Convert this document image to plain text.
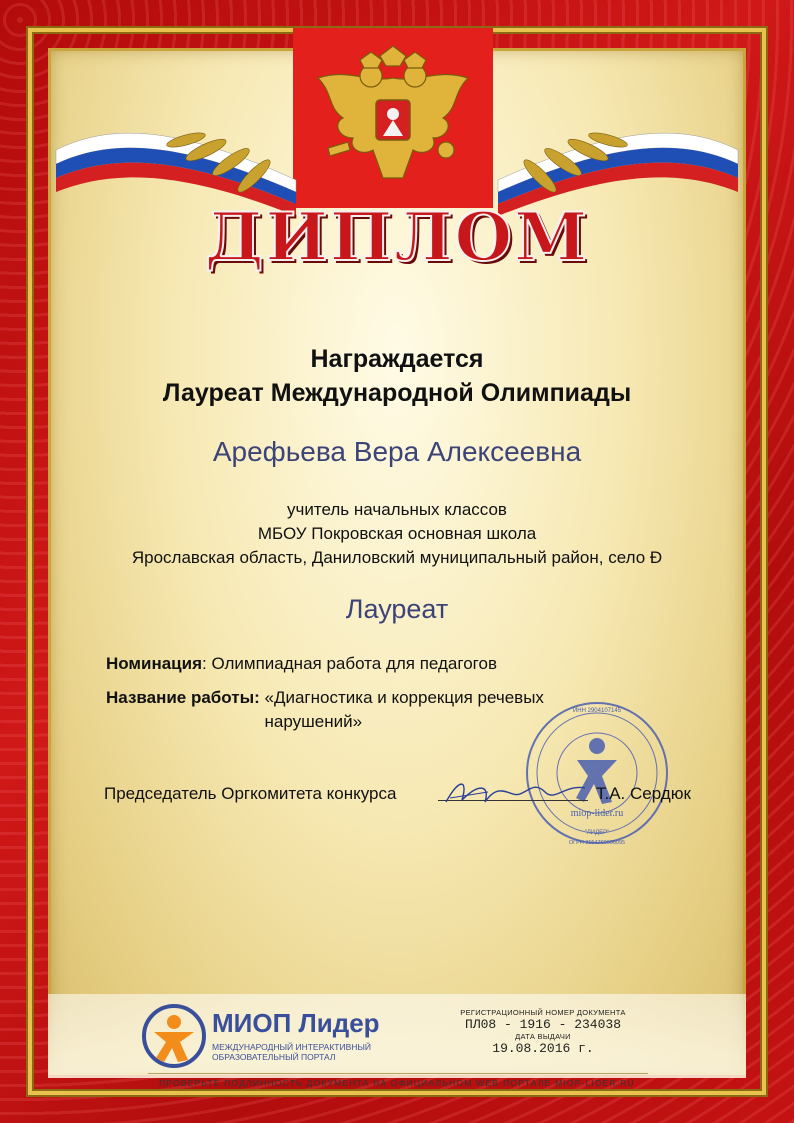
ДИПЛОМ
Награждается
Лауреат Международной Олимпиады
Арефьева Вера Алексеевна
учитель начальных классов
МБОУ Покровская основная школа
Ярославская область, Даниловский муниципальный район, село Đ
Лауреат
Номинация: Олимпиадная работа для педагогов
Название работы: «Диагностика и коррекция речевых
нарушений»
miop-lider.ru
"ЛИДЕР"
ИНН 2904107145
ОГРН 3154760006095
Председатель Оргкомитета конкурса	Т.А. Сердюк
МИОП Лидер
МЕЖДУНАРОДНЫЙ ИНТЕРАКТИВНЫЙ
ОБРАЗОВАТЕЛЬНЫЙ ПОРТАЛ
РЕГИСТРАЦИОННЫЙ НОМЕР ДОКУМЕНТА
ПЛ08 - 1916 - 234038
ДАТА ВЫДАЧИ
19.08.2016 г.
ПРОВЕРЬТЕ ПОДЛИННОСТЬ ДОКУМЕНТА НА ОФИЦИАЛЬНОМ WEB-ПОРТАЛЕ MIOP-LIDER.RU
